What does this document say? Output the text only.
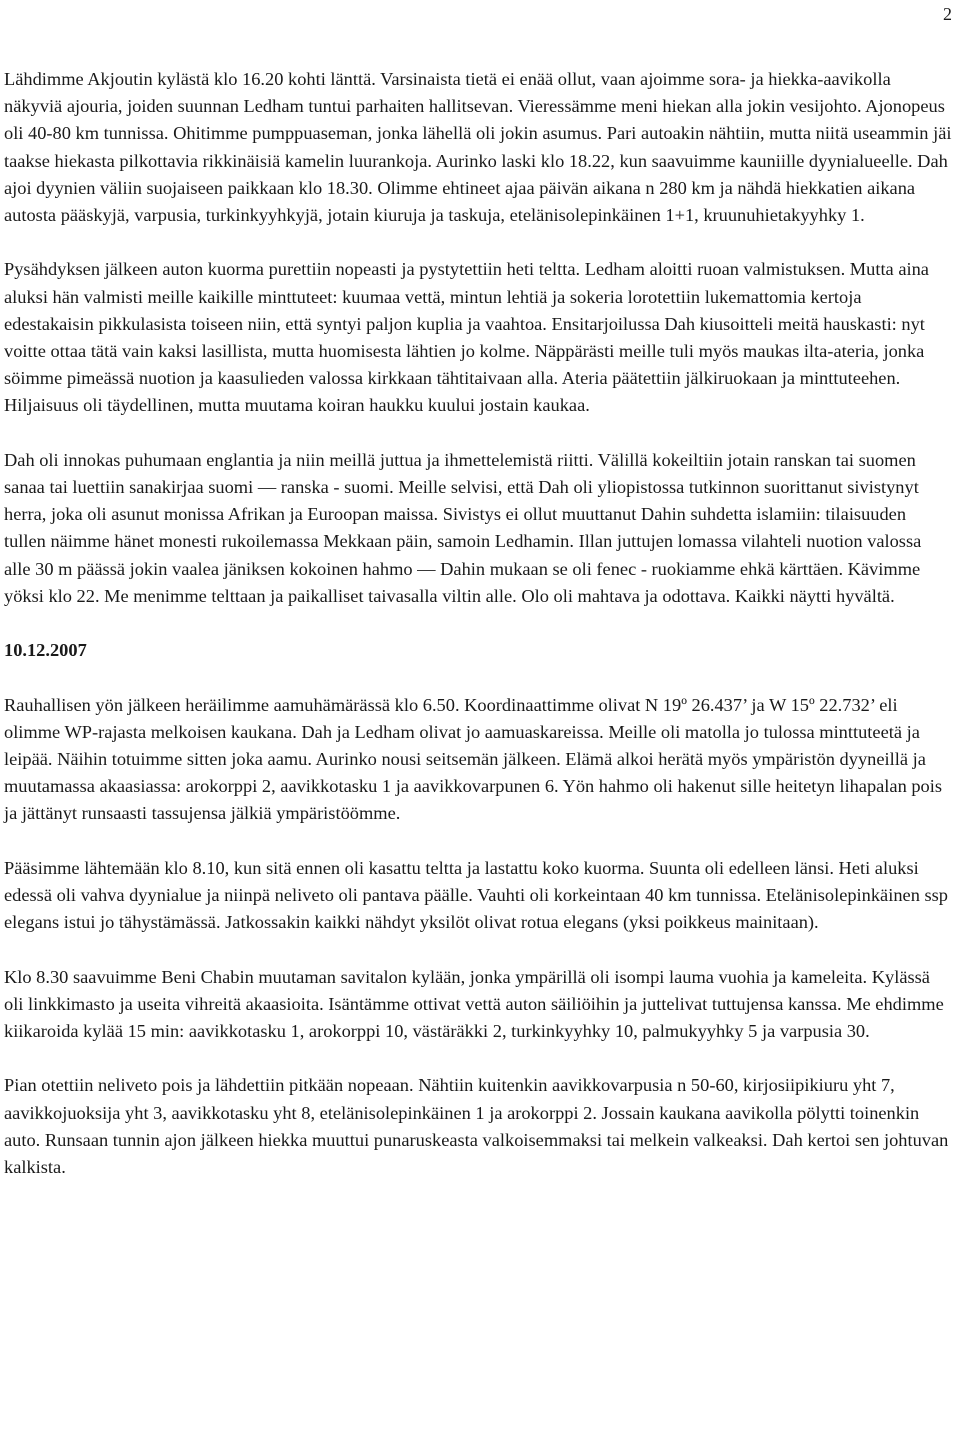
2

Lähdimme Akjoutin kylästä klo 16.20 kohti länttä. Varsinaista tietä ei enää ollut, vaan ajoimme sora- ja hiekka-aavikolla näkyviä ajouria, joiden suunnan Ledham tuntui parhaiten hallitsevan. Vieressämme meni hiekan alla jokin vesijohto. Ajonopeus oli 40-80 km tunnissa. Ohitimme pumppuaseman, jonka lähellä oli jokin asumus. Pari autoakin nähtiin, mutta niitä useammin jäi taakse hiekasta pilkottavia rikkinäisiä kamelin luurankoja. Aurinko laski klo 18.22, kun saavuimme kauniille dyynialueelle. Dah ajoi dyynien väliin suojaiseen paikkaan klo 18.30. Olimme ehtineet ajaa päivän aikana n 280 km ja nähdä hiekkatien aikana autosta pääskyjä, varpusia, turkinkyyhkyjä, jotain kiuruja ja taskuja, etelänisolepinkäinen 1+1, kruunuhietakyyhky 1.

Pysähdyksen jälkeen auton kuorma purettiin nopeasti ja pystytettiin heti teltta. Ledham aloitti ruoan valmistuksen. Mutta aina aluksi hän valmisti meille kaikille minttuteet: kuumaa vettä, mintun lehtiä ja sokeria lorotettiin lukemattomia kertoja edestakaisin pikkulasista toiseen niin, että syntyi paljon kuplia ja vaahtoa. Ensitarjoilussa Dah kiusoitteli meitä hauskasti: nyt voitte ottaa tätä vain kaksi lasillista, mutta huomisesta lähtien jo kolme. Näppärästi meille tuli myös maukas ilta-ateria, jonka söimme pimeässä nuotion ja kaasulieden valossa kirkkaan tähtitaivaan alla. Ateria päätettiin jälkiruokaan ja minttuteehen. Hiljaisuus oli täydellinen, mutta muutama koiran haukku kuului jostain kaukaa.

Dah oli innokas puhumaan englantia ja niin meillä juttua ja ihmettelemistä riitti. Välillä kokeiltiin jotain ranskan tai suomen sanaa tai luettiin sanakirjaa suomi — ranska - suomi. Meille selvisi, että Dah oli yliopistossa tutkinnon suorittanut sivistynyt herra, joka oli asunut monissa Afrikan ja Euroopan maissa. Sivistys ei ollut muuttanut Dahin suhdetta islamiin: tilaisuuden tullen näimme hänet monesti rukoilemassa Mekkaan päin, samoin Ledhamin. Illan juttujen lomassa vilahteli nuotion valossa alle 30 m päässä jokin vaalea jäniksen kokoinen hahmo — Dahin mukaan se oli fenec - ruokiamme ehkä kärttäen. Kävimme yöksi klo 22. Me menimme telttaan ja paikalliset taivasalla viltin alle. Olo oli mahtava ja odottava. Kaikki näytti hyvältä.

10.12.2007

Rauhallisen yön jälkeen heräilimme aamuhämärässä klo 6.50. Koordinaattimme olivat N 19º 26.437’ ja W 15º 22.732’ eli olimme WP-rajasta melkoisen kaukana. Dah ja Ledham olivat jo aamuaskareissa. Meille oli matolla jo tulossa minttuteetä ja leipää. Näihin totuimme sitten joka aamu. Aurinko nousi seitsemän jälkeen. Elämä alkoi herätä myös ympäristön dyyneillä ja muutamassa akaasiassa: arokorppi 2, aavikkotasku 1 ja aavikkovarpunen 6. Yön hahmo oli hakenut sille heitetyn lihapalan pois ja jättänyt runsaasti tassujensa jälkiä ympäristöömme.

Pääsimme lähtemään klo 8.10, kun sitä ennen oli kasattu teltta ja lastattu koko kuorma. Suunta oli edelleen länsi. Heti aluksi edessä oli vahva dyynialue ja niinpä neliveto oli pantava päälle. Vauhti oli korkeintaan 40 km tunnissa. Etelänisolepinkäinen ssp elegans istui jo tähystämässä. Jatkossakin kaikki nähdyt yksilöt olivat rotua elegans (yksi poikkeus mainitaan).

Klo 8.30 saavuimme Beni Chabin muutaman savitalon kylään, jonka ympärillä oli isompi lauma vuohia ja kameleita. Kylässä oli linkkimasto ja useita vihreitä akaasioita. Isäntämme ottivat vettä auton säiliöihin ja juttelivat tuttujensa kanssa. Me ehdimme kiikaroida kylää 15 min: aavikkotasku 1, arokorppi 10, västäräkki 2, turkinkyyhky 10, palmukyyhky 5 ja varpusia 30.

Pian otettiin neliveto pois ja lähdettiin pitkään nopeaan. Nähtiin kuitenkin aavikkovarpusia n 50-60, kirjosiipikiuru yht 7, aavikkojuoksija yht 3, aavikkotasku yht 8, etelänisolepinkäinen 1 ja arokorppi 2. Jossain kaukana aavikolla pölytti toinenkin auto. Runsaan tunnin ajon jälkeen hiekka muuttui punaruskeasta valkoisemmaksi tai melkein valkeaksi. Dah kertoi sen johtuvan kalkista.
